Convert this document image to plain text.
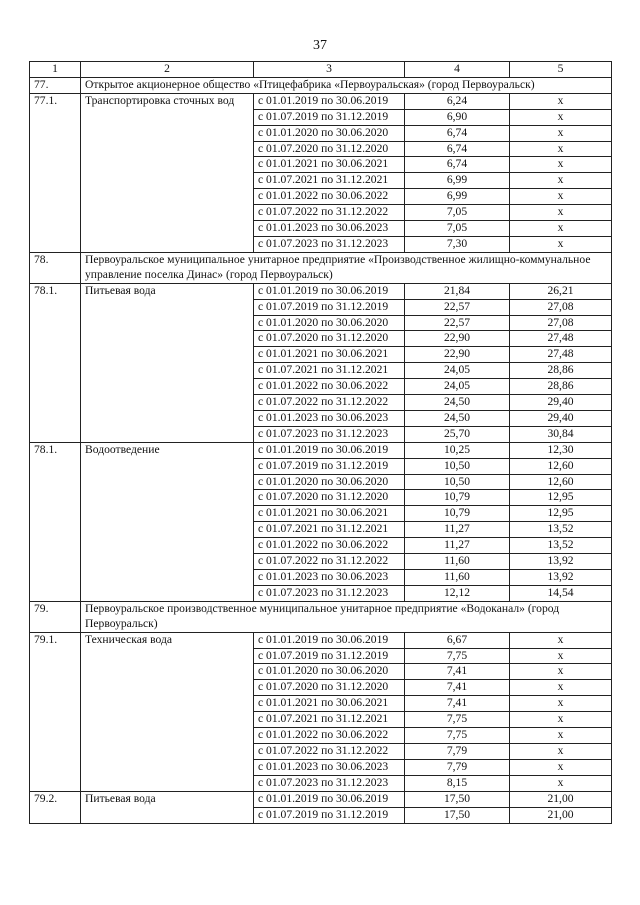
37
1	2	3	4	5
77.	Открытое акционерное общество «Птицефабрика «Первоуральская» (город Первоуральск)			
77.1.	Транспортировка сточных вод	с 01.01.2019 по 30.06.2019	6,24	x
		с 01.07.2019 по 31.12.2019	6,90	x
		с 01.01.2020 по 30.06.2020	6,74	x
		с 01.07.2020 по 31.12.2020	6,74	x
		с 01.01.2021 по 30.06.2021	6,74	x
		с 01.07.2021 по 31.12.2021	6,99	x
		с 01.01.2022 по 30.06.2022	6,99	x
		с 01.07.2022 по 31.12.2022	7,05	x
		с 01.01.2023 по 30.06.2023	7,05	x
		с 01.07.2023 по 31.12.2023	7,30	x
78.	Первоуральское муниципальное унитарное предприятие «Производственное жилищно-коммунальное управление поселка Динас» (город Первоуральск)			
78.1.	Питьевая вода	с 01.01.2019 по 30.06.2019	21,84	26,21
		с 01.07.2019 по 31.12.2019	22,57	27,08
		с 01.01.2020 по 30.06.2020	22,57	27,08
		с 01.07.2020 по 31.12.2020	22,90	27,48
		с 01.01.2021 по 30.06.2021	22,90	27,48
		с 01.07.2021 по 31.12.2021	24,05	28,86
		с 01.01.2022 по 30.06.2022	24,05	28,86
		с 01.07.2022 по 31.12.2022	24,50	29,40
		с 01.01.2023 по 30.06.2023	24,50	29,40
		с 01.07.2023 по 31.12.2023	25,70	30,84
78.1.	Водоотведение	с 01.01.2019 по 30.06.2019	10,25	12,30
		с 01.07.2019 по 31.12.2019	10,50	12,60
		с 01.01.2020 по 30.06.2020	10,50	12,60
		с 01.07.2020 по 31.12.2020	10,79	12,95
		с 01.01.2021 по 30.06.2021	10,79	12,95
		с 01.07.2021 по 31.12.2021	11,27	13,52
		с 01.01.2022 по 30.06.2022	11,27	13,52
		с 01.07.2022 по 31.12.2022	11,60	13,92
		с 01.01.2023 по 30.06.2023	11,60	13,92
		с 01.07.2023 по 31.12.2023	12,12	14,54
79.	Первоуральское производственное муниципальное унитарное предприятие «Водоканал» (город Первоуральск)			
79.1.	Техническая вода	с 01.01.2019 по 30.06.2019	6,67	x
		с 01.07.2019 по 31.12.2019	7,75	x
		с 01.01.2020 по 30.06.2020	7,41	x
		с 01.07.2020 по 31.12.2020	7,41	x
		с 01.01.2021 по 30.06.2021	7,41	x
		с 01.07.2021 по 31.12.2021	7,75	x
		с 01.01.2022 по 30.06.2022	7,75	x
		с 01.07.2022 по 31.12.2022	7,79	x
		с 01.01.2023 по 30.06.2023	7,79	x
		с 01.07.2023 по 31.12.2023	8,15	x
79.2.	Питьевая вода	с 01.01.2019 по 30.06.2019	17,50	21,00
		с 01.07.2019 по 31.12.2019	17,50	21,00
